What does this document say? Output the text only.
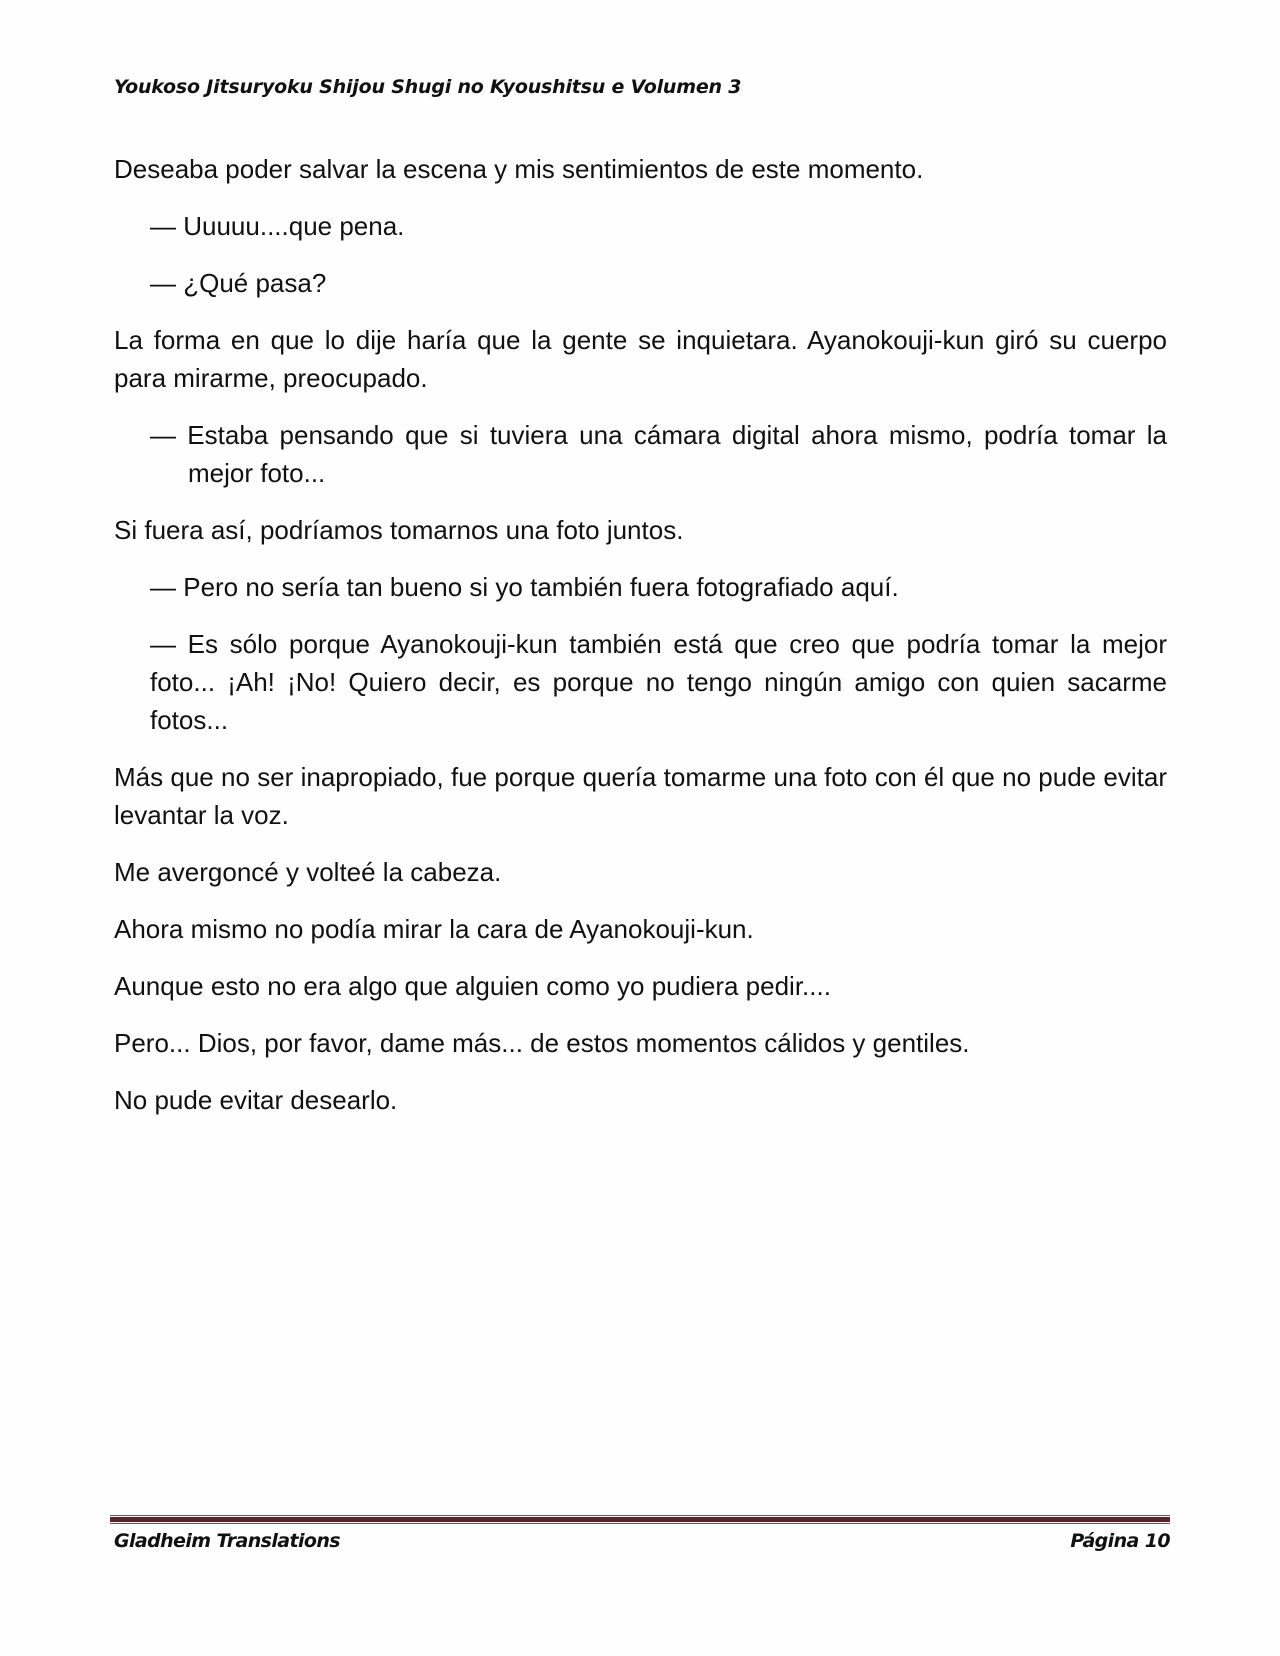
Youkoso Jitsuryoku Shijou Shugi no Kyoushitsu e Volumen 3

Deseaba poder salvar la escena y mis sentimientos de este momento.

— Uuuuu....que pena.

— ¿Qué pasa?

La forma en que lo dije haría que la gente se inquietara. Ayanokouji-kun giró su cuerpo para mirarme, preocupado.

— Estaba pensando que si tuviera una cámara digital ahora mismo, podría tomar la mejor foto...

Si fuera así, podríamos tomarnos una foto juntos.

— Pero no sería tan bueno si yo también fuera fotografiado aquí.

— Es sólo porque Ayanokouji-kun también está que creo que podría tomar la mejor foto... ¡Ah! ¡No! Quiero decir, es porque no tengo ningún amigo con quien sacarme fotos...

Más que no ser inapropiado, fue porque quería tomarme una foto con él que no pude evitar levantar la voz.

Me avergoncé y volteé la cabeza.

Ahora mismo no podía mirar la cara de Ayanokouji-kun.

Aunque esto no era algo que alguien como yo pudiera pedir....

Pero... Dios, por favor, dame más... de estos momentos cálidos y gentiles.

No pude evitar desearlo.

Gladheim Translations	Página 10
